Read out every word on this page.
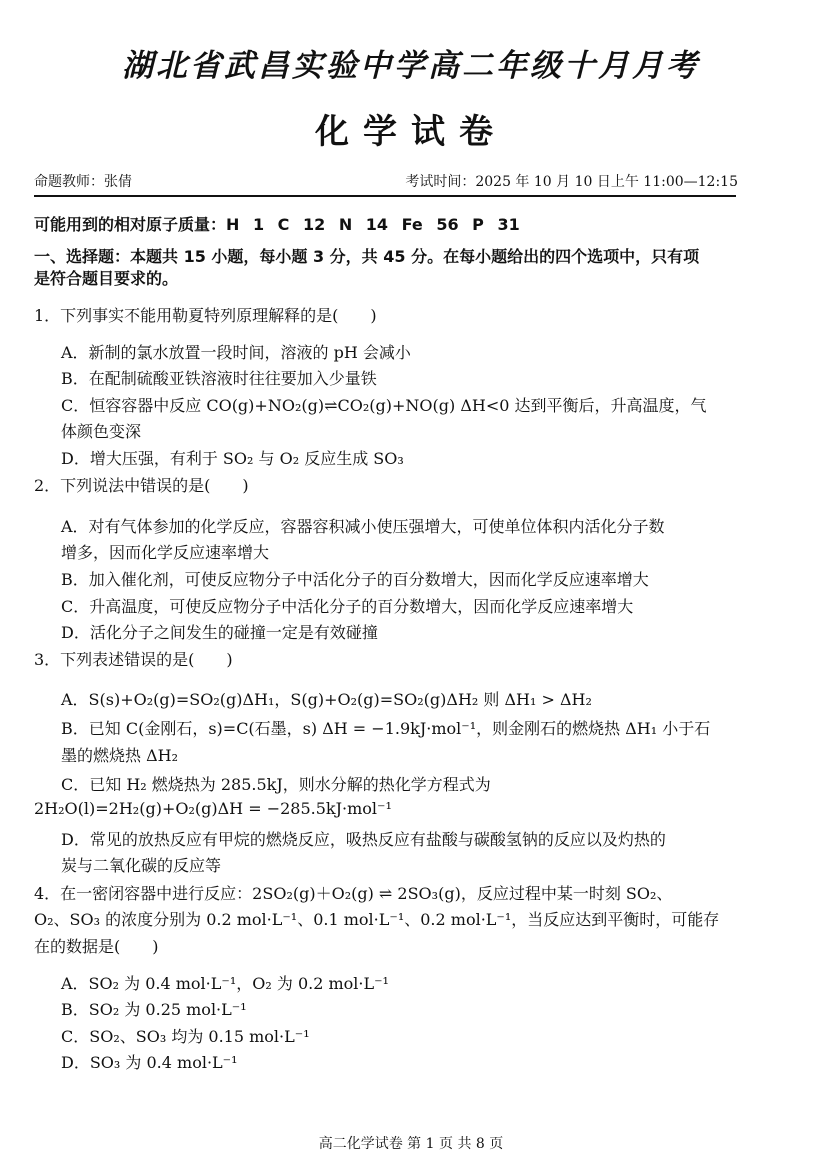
湖北省武昌实验中学高二年级十月月考
化学试卷
命题教师：张倩	考试时间：2025 年 10 月 10 日上午 11:00—12:15
可能用到的相对原子质量：H 1 C 12 N 14 Fe 56 P 31
一、选择题：本题共 15 小题，每小题 3 分，共 45 分。在每小题给出的四个选项中，只有项
是符合题目要求的。
1．下列事实不能用勒夏特列原理解释的是(　　)
A．新制的氯水放置一段时间，溶液的 pH 会减小
B．在配制硫酸亚铁溶液时往往要加入少量铁
C．恒容容器中反应 CO(g)+NO₂(g)⇌CO₂(g)+NO(g) ΔH<0 达到平衡后，升高温度，气
体颜色变深
D．增大压强，有利于 SO₂ 与 O₂ 反应生成 SO₃
2．下列说法中错误的是(　　)
A．对有气体参加的化学反应，容器容积减小使压强增大，可使单位体积内活化分子数
增多，因而化学反应速率增大
B．加入催化剂，可使反应物分子中活化分子的百分数增大，因而化学反应速率增大
C．升高温度，可使反应物分子中活化分子的百分数增大，因而化学反应速率增大
D．活化分子之间发生的碰撞一定是有效碰撞
3．下列表述错误的是(　　)
A．S(s)+O₂(g)=SO₂(g)ΔH₁，S(g)+O₂(g)=SO₂(g)ΔH₂ 则 ΔH₁ > ΔH₂
B．已知 C(金刚石，s)=C(石墨，s) ΔH = −1.9kJ·mol⁻¹，则金刚石的燃烧热 ΔH₁ 小于石
墨的燃烧热 ΔH₂
C．已知 H₂ 燃烧热为 285.5kJ，则水分解的热化学方程式为
2H₂O(l)=2H₂(g)+O₂(g)ΔH = −285.5kJ·mol⁻¹
D．常见的放热反应有甲烷的燃烧反应，吸热反应有盐酸与碳酸氢钠的反应以及灼热的
炭与二氧化碳的反应等
4．在一密闭容器中进行反应：2SO₂(g)＋O₂(g) ⇌ 2SO₃(g)，反应过程中某一时刻 SO₂、
O₂、SO₃ 的浓度分别为 0.2 mol·L⁻¹、0.1 mol·L⁻¹、0.2 mol·L⁻¹，当反应达到平衡时，可能存
在的数据是(　　)
A．SO₂ 为 0.4 mol·L⁻¹，O₂ 为 0.2 mol·L⁻¹
B．SO₂ 为 0.25 mol·L⁻¹
C．SO₂、SO₃ 均为 0.15 mol·L⁻¹
D．SO₃ 为 0.4 mol·L⁻¹
高二化学试卷 第 1 页 共 8 页
